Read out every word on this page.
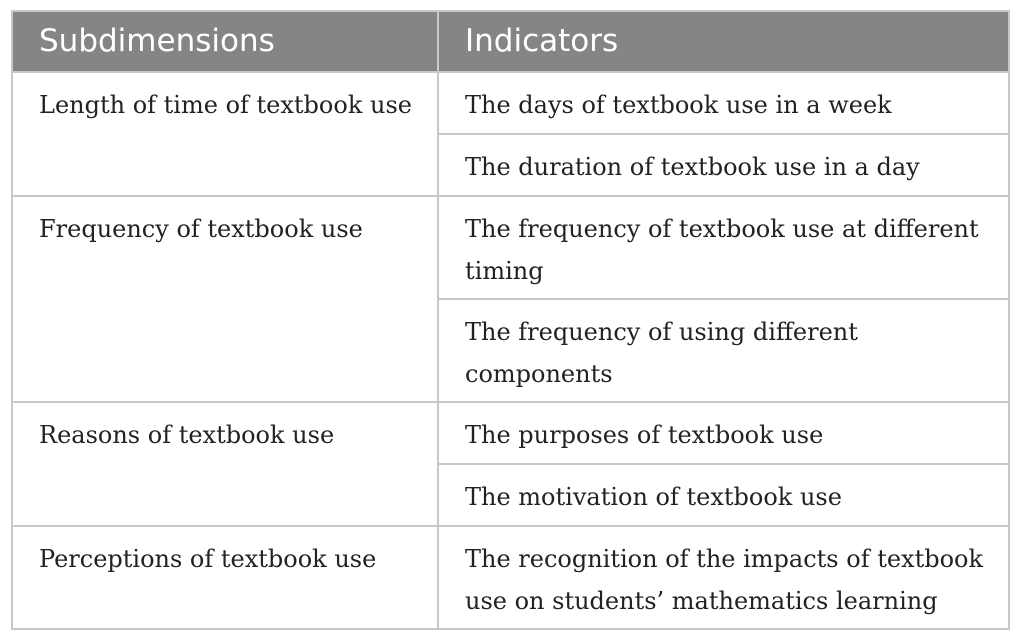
Subdimensions	Indicators
Length of time of textbook use	The days of textbook use in a week
	The duration of textbook use in a day
Frequency of textbook use	The frequency of textbook use at different timing
	The frequency of using different components
Reasons of textbook use	The purposes of textbook use
	The motivation of textbook use
Perceptions of textbook use	The recognition of the impacts of textbook use on students’ mathematics learning
